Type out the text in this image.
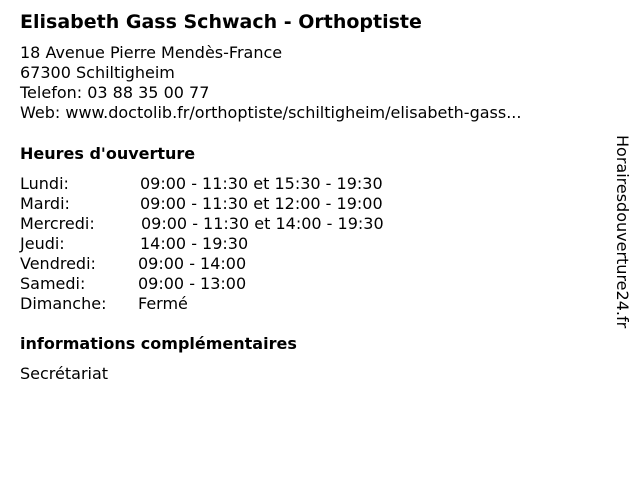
Elisabeth Gass Schwach - Orthoptiste
18 Avenue Pierre Mendès-France
67300 Schiltigheim
Telefon: 03 88 35 00 77
Web: www.doctolib.fr/orthoptiste/schiltigheim/elisabeth-gass...
Heures d'ouverture
Lundi:	09:00 - 11:30 et 15:30 - 19:30
Mardi:	09:00 - 11:30 et 12:00 - 19:00
Mercredi:	09:00 - 11:30 et 14:00 - 19:30
Jeudi:	14:00 - 19:30
Vendredi:	09:00 - 14:00
Samedi:	09:00 - 13:00
Dimanche: Fermé
informations complémentaires
Secrétariat
Horairesdouverture24.fr
